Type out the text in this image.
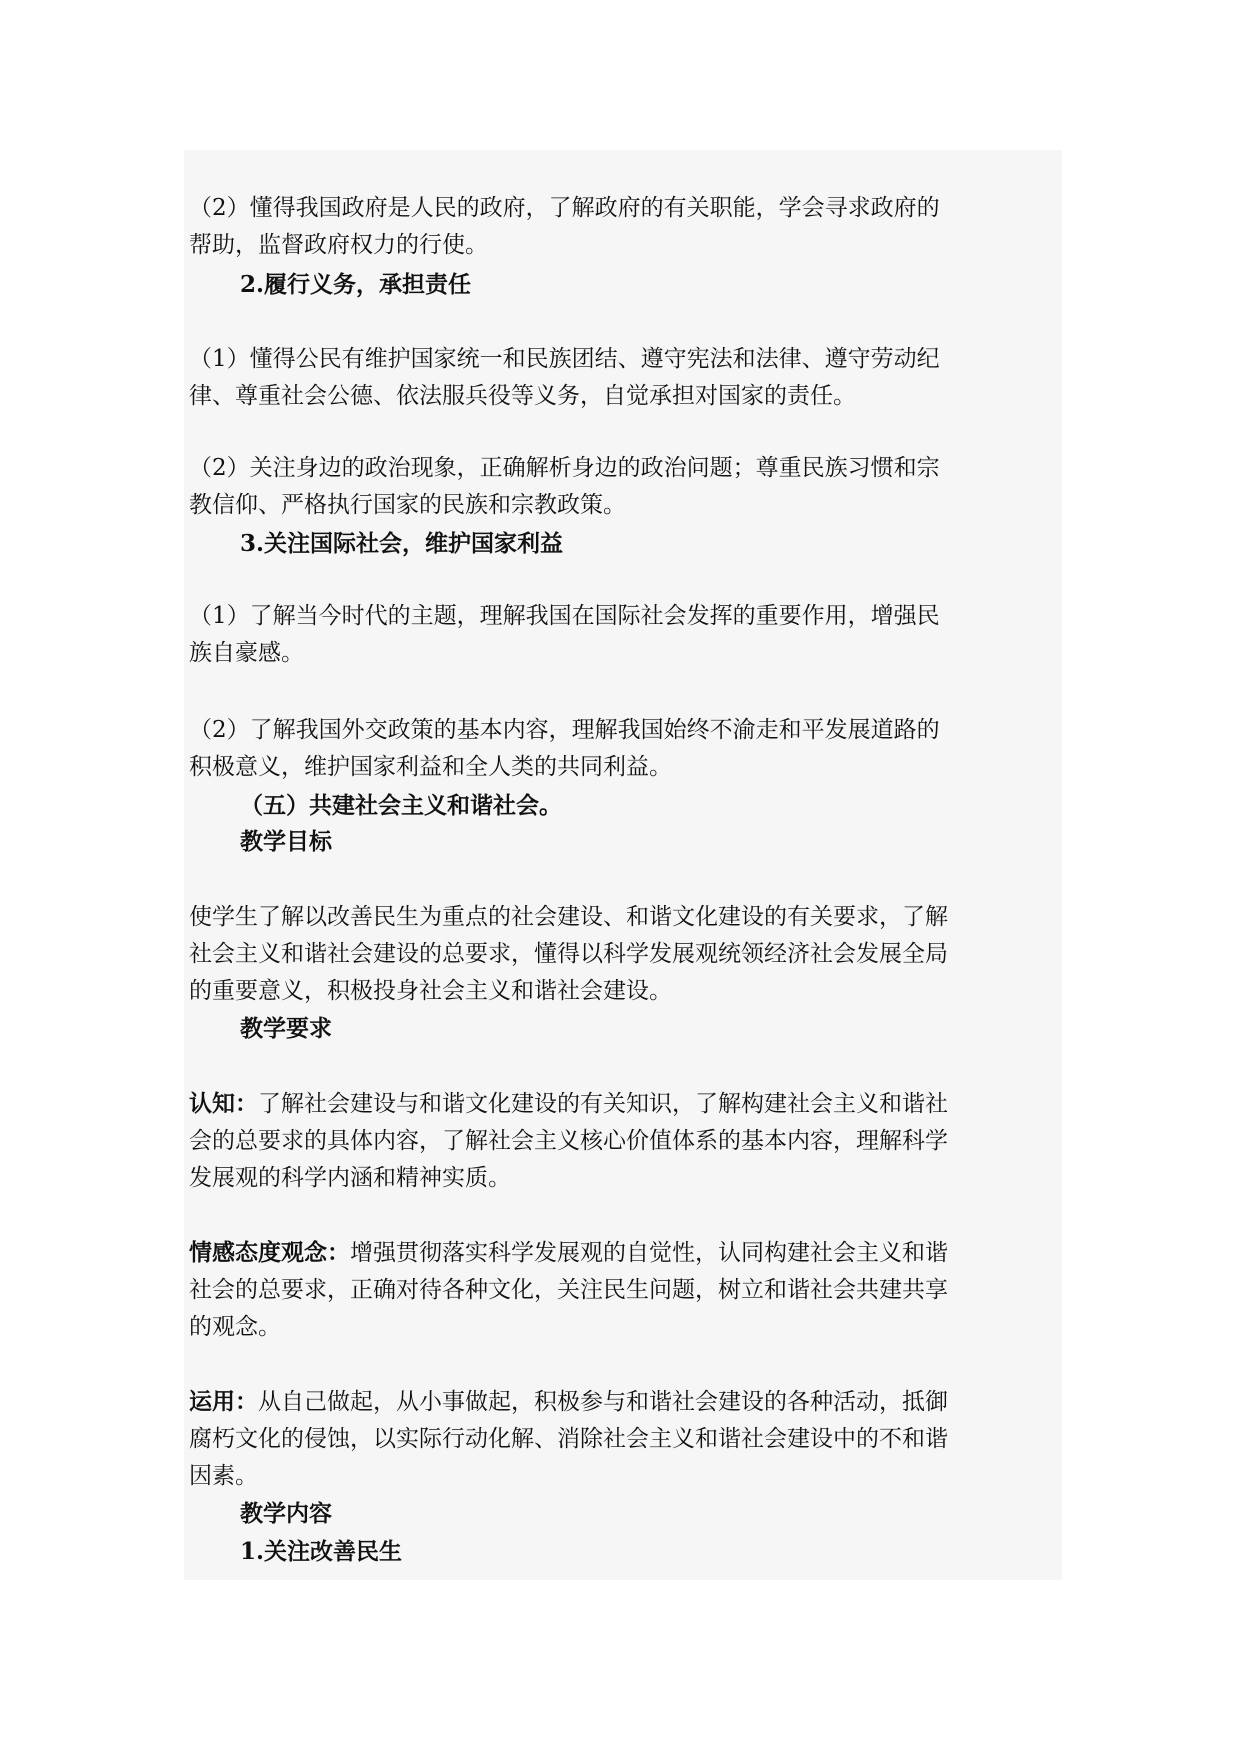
（2）懂得我国政府是人民的政府，了解政府的有关职能，学会寻求政府的
帮助，监督政府权力的行使。
2.履行义务，承担责任
（1）懂得公民有维护国家统一和民族团结、遵守宪法和法律、遵守劳动纪
律、尊重社会公德、依法服兵役等义务，自觉承担对国家的责任。
（2）关注身边的政治现象，正确解析身边的政治问题；尊重民族习惯和宗
教信仰、严格执行国家的民族和宗教政策。
3.关注国际社会，维护国家利益
（1）了解当今时代的主题，理解我国在国际社会发挥的重要作用，增强民
族自豪感。
（2）了解我国外交政策的基本内容，理解我国始终不渝走和平发展道路的
积极意义，维护国家利益和全人类的共同利益。
（五）共建社会主义和谐社会。
教学目标
使学生了解以改善民生为重点的社会建设、和谐文化建设的有关要求，了解
社会主义和谐社会建设的总要求，懂得以科学发展观统领经济社会发展全局
的重要意义，积极投身社会主义和谐社会建设。
教学要求
认知：了解社会建设与和谐文化建设的有关知识，了解构建社会主义和谐社
会的总要求的具体内容，了解社会主义核心价值体系的基本内容，理解科学
发展观的科学内涵和精神实质。
情感态度观念：增强贯彻落实科学发展观的自觉性，认同构建社会主义和谐
社会的总要求，正确对待各种文化，关注民生问题，树立和谐社会共建共享
的观念。
运用：从自己做起，从小事做起，积极参与和谐社会建设的各种活动，抵御
腐朽文化的侵蚀，以实际行动化解、消除社会主义和谐社会建设中的不和谐
因素。
教学内容
1.关注改善民生
